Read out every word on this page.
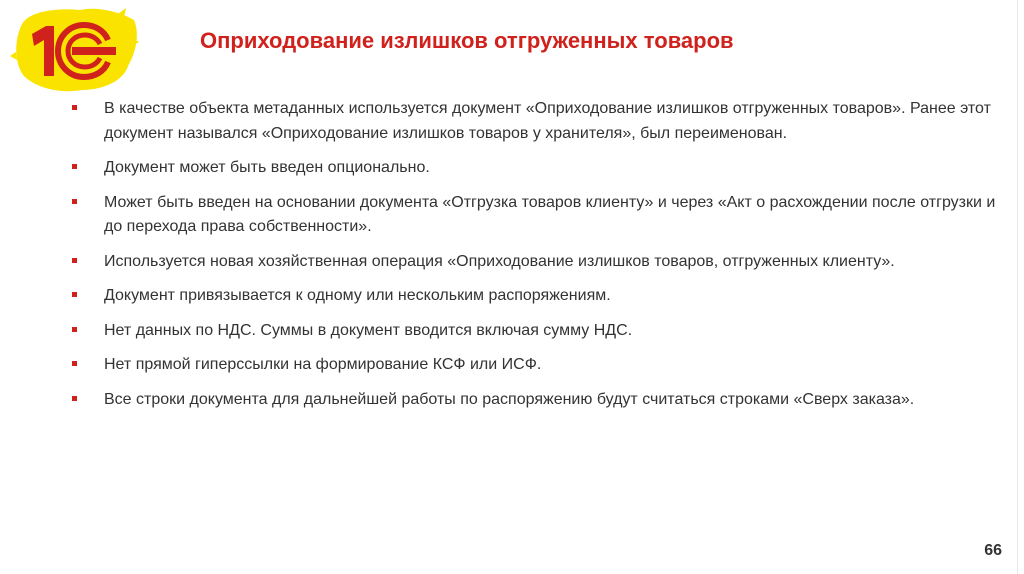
Оприходование излишков отгруженных товаров
В качестве объекта метаданных используется документ «Оприходование излишков отгруженных товаров». Ранее этот документ назывался «Оприходование излишков товаров у хранителя», был переименован.
Документ может быть введен опционально.
Может быть введен на основании документа «Отгрузка товаров клиенту» и через «Акт о расхождении после отгрузки и до перехода права собственности».
Используется новая хозяйственная операция «Оприходование излишков товаров, отгруженных клиенту».
Документ привязывается к одному или нескольким распоряжениям.
Нет данных по НДС. Суммы в документ вводится включая сумму НДС.
Нет прямой гиперссылки на формирование КСФ или ИСФ.
Все строки документа для дальнейшей работы по распоряжению будут считаться строками «Сверх заказа».
66
